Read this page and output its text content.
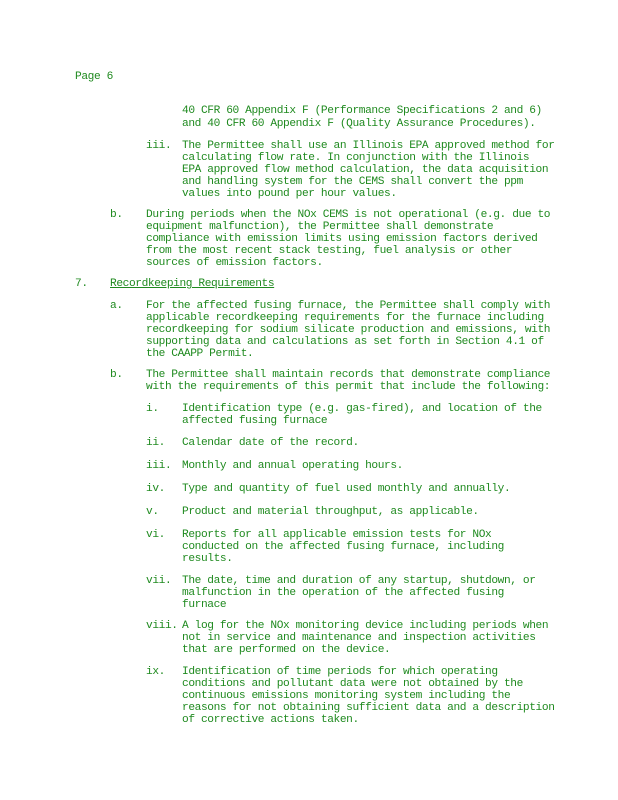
Page 6
40 CFR 60 Appendix F (Performance Specifications 2 and 6)
and 40 CFR 60 Appendix F (Quality Assurance Procedures).
iii. The Permittee shall use an Illinois EPA approved method for
calculating flow rate. In conjunction with the Illinois
EPA approved flow method calculation, the data acquisition
and handling system for the CEMS shall convert the ppm
values into pound per hour values.
b. During periods when the NOx CEMS is not operational (e.g. due to
equipment malfunction), the Permittee shall demonstrate
compliance with emission limits using emission factors derived
from the most recent stack testing, fuel analysis or other
sources of emission factors.
7. Recordkeeping Requirements
a. For the affected fusing furnace, the Permittee shall comply with
applicable recordkeeping requirements for the furnace including
recordkeeping for sodium silicate production and emissions, with
supporting data and calculations as set forth in Section 4.1 of
the CAAPP Permit.
b. The Permittee shall maintain records that demonstrate compliance
with the requirements of this permit that include the following:
i. Identification type (e.g. gas-fired), and location of the
affected fusing furnace
ii. Calendar date of the record.
iii. Monthly and annual operating hours.
iv. Type and quantity of fuel used monthly and annually.
v. Product and material throughput, as applicable.
vi. Reports for all applicable emission tests for NOx
conducted on the affected fusing furnace, including
results.
vii. The date, time and duration of any startup, shutdown, or
malfunction in the operation of the affected fusing
furnace
viii. A log for the NOx monitoring device including periods when
not in service and maintenance and inspection activities
that are performed on the device.
ix. Identification of time periods for which operating
conditions and pollutant data were not obtained by the
continuous emissions monitoring system including the
reasons for not obtaining sufficient data and a description
of corrective actions taken.
